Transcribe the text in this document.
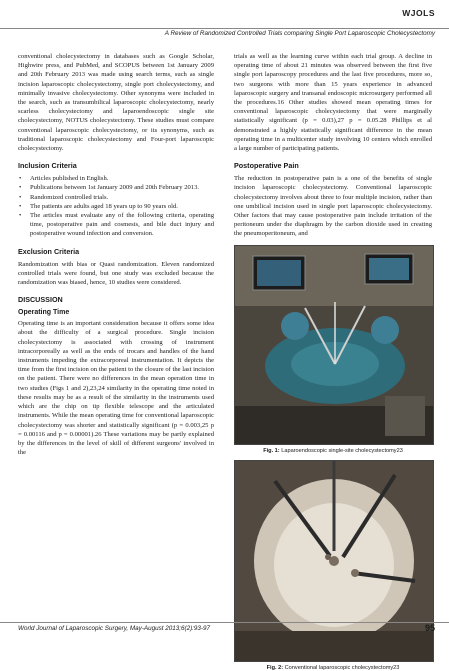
WJOLS
A Review of Randomized Controlled Trials comparing Single Port Laparoscopic Cholecystectomy

conventional cholecystectomy in databases such as Google Scholar, Highwire press, and PubMed, and SCOPUS between 1st January 2009 and 20th February 2013 was made using search terms, such as single incision laparoscopic cholecystectomy, single port cholecystectomy, and minimally invasive cholecystectomy. Other synonyms were included in the search, such as transumbilical laparoscopic cholecystectomy, nearly scarless cholecystectomy and laparoendoscopic single site cholecystectomy, NOTUS cholecystectomy. These studies must compare conventional laparoscopic cholecystectomy, or its synonyms, such as traditional laparoscopic cholecystectomy and Four-port laparoscopic cholecystectomy.

Inclusion Criteria
• Articles published in English.
• Publications between 1st January 2009 and 20th February 2013.
• Randomized controlled trials.
• The patients are adults aged 18 years up to 90 years old.
• The articles must evaluate any of the following criteria, operating time, postoperative pain and cosmesis, and bile duct injury and postoperative wound infection and conversion.
Exclusion Criteria

Randomization with bias or Quasi randomization. Eleven randomized controlled trials were found, but one study was excluded because the randomization was biased, hence, 10 studies were considered.

DISCUSSION
Operating Time

Operating time is an important consideration because it offers some idea about the difficulty of a surgical procedure. Single incision cholecystectomy is associated with crossing of instrument intracorporeally as well as the ends of trocars and handles of the hand instruments impeding the extracorporeal instrumentation. It depicts the time from the first incision on the patient to the closure of the last incision on the patient. There were no differences in the mean operation time in two studies (Figs 1 and 2),23,24 similarity in the operating time noted in these results may be as a result of the similarity in the instruments used which are the chip on tip flexible telescope and the articulated instruments. While the mean operating time for conventional laparoscopic cholecystectomy was shorter and statistically significant (p = 0.003,25 p = 0.00116 and p = 0.00001).26 These variations may be partly explained by the differences in the level of skill of different surgeons' involved in the

trials as well as the learning curve within each trial group. A decline in operating time of about 21 minutes was observed between the first five single port laparoscopy procedures and the last five procedures, more so, two surgeons with more than 15 years experience in advanced laparoscopic surgery and transanal endoscopic microsurgery performed all the procedures.16 Other studies showed mean operating times for conventional laparoscopic cholecystectomy that were marginally statistically significant (p = 0.03),27 p = 0.05.28 Phillips et al demonstrated a highly statistically significant difference in the mean operating time in a multicenter study involving 10 centers which enrolled a large number of participating patients.

Postoperative Pain

The reduction in postoperative pain is a one of the benefits of single incision laparoscopic cholecystectomy. Conventional laparoscopic cholecystectomy involves about three to four multiple incision, rather than one umbilical incision used in single port laparoscopic cholecystectomy. Other factors that may cause postoperative pain include irritation of the peritoneum under the diaphragm by the carbon dioxide used in creating the pneumoperitoneum, and

Fig. 1: Laparoendoscopic single-site cholecystectomy23
Fig. 2: Conventional laparoscopic cholecystectomy23
World Journal of Laparoscopic Surgery, May-August 2013;6(2):93-97	95
